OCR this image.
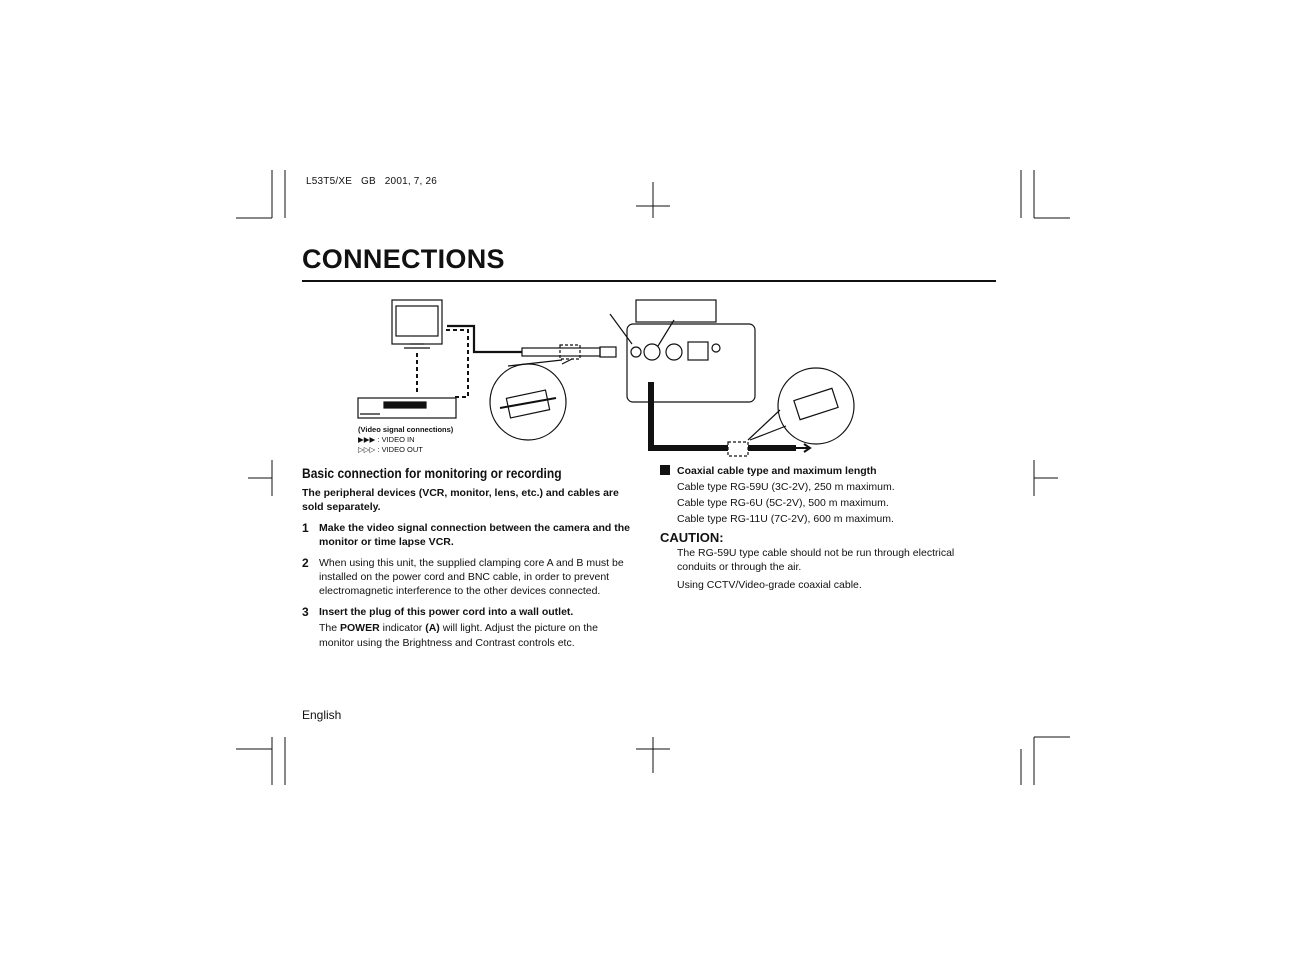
L53T5/XE   GB   2001, 7, 26
CONNECTIONS
(Video signal connections)
▶▶▶ : VIDEO IN
▷▷▷ : VIDEO OUT
Basic connection for monitoring or recording
The peripheral devices (VCR, monitor, lens, etc.) and cables are sold separately.
1 Make the video signal connection between the camera and the monitor or time lapse VCR.
2 When using this unit, the supplied clamping core A and B must be installed on the power cord and BNC cable, in order to prevent electromagnetic interference to the other devices connected.
3 Insert the plug of this power cord into a wall outlet.
The POWER indicator (A) will light. Adjust the picture on the monitor using the Brightness and Contrast controls etc.
Coaxial cable type and maximum length
Cable type RG-59U (3C-2V), 250 m maximum.
Cable type RG-6U (5C-2V), 500 m maximum.
Cable type RG-11U (7C-2V), 600 m maximum.
CAUTION:
The RG-59U type cable should not be run through electrical conduits or through the air.
Using CCTV/Video-grade coaxial cable.
English
